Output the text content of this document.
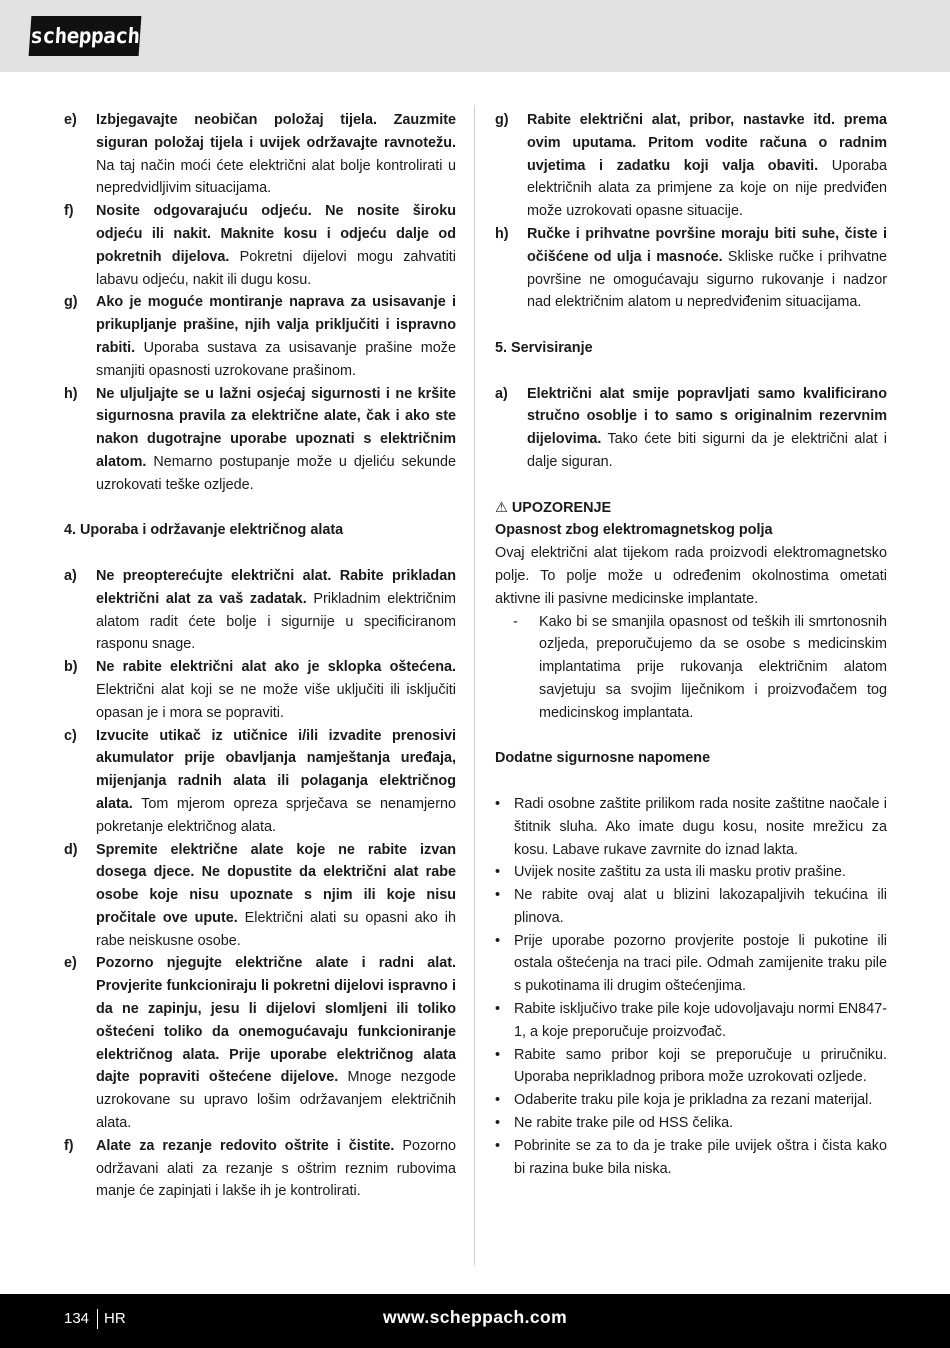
scheppach
e)	Izbjegavajte neobičan položaj tijela. Zauzmite siguran položaj tijela i uvijek održavajte ravnotežu. Na taj način moći ćete električni alat bolje kontrolirati u nepredvidljivim situacijama.
f)	Nosite odgovarajuću odjeću. Ne nosite široku odjeću ili nakit. Maknite kosu i odjeću dalje od pokretnih dijelova. Pokretni dijelovi mogu zahvatiti labavu odjeću, nakit ili dugu kosu.
g)	Ako je moguće montiranje naprava za usisavanje i prikupljanje prašine, njih valja priključiti i ispravno rabiti. Uporaba sustava za usisavanje prašine može smanjiti opasnosti uzrokovane prašinom.
h)	Ne uljuljajte se u lažni osjećaj sigurnosti i ne kršite sigurnosna pravila za električne alate, čak i ako ste nakon dugotrajne uporabe upoznati s električnim alatom. Nemarno postupanje može u djeliću sekunde uzrokovati teške ozljede.
4. Uporaba i održavanje električnog alata
a)	Ne preopterećujte električni alat. Rabite prikladan električni alat za vaš zadatak. Prikladnim električnim alatom radit ćete bolje i sigurnije u specificiranom rasponu snage.
b)	Ne rabite električni alat ako je sklopka oštećena. Električni alat koji se ne može više uključiti ili isključiti opasan je i mora se popraviti.
c)	Izvucite utikač iz utičnice i/ili izvadite prenosivi akumulator prije obavljanja namještanja uređaja, mijenjanja radnih alata ili polaganja električnog alata. Tom mjerom opreza sprječava se nenamjerno pokretanje električnog alata.
d)	Spremite električne alate koje ne rabite izvan dosega djece. Ne dopustite da električni alat rabe osobe koje nisu upoznate s njim ili koje nisu pročitale ove upute. Električni alati su opasni ako ih rabe neiskusne osobe.
e)	Pozorno njegujte električne alate i radni alat. Provjerite funkcioniraju li pokretni dijelovi ispravno i da ne zapinju, jesu li dijelovi slomljeni ili toliko oštećeni toliko da onemogućavaju funkcioniranje električnog alata. Prije uporabe električnog alata dajte popraviti oštećene dijelove. Mnoge nezgode uzrokovane su upravo lošim održavanjem električnih alata.
f)	Alate za rezanje redovito oštrite i čistite. Pozorno održavani alati za rezanje s oštrim reznim rubovima manje će zapinjati i lakše ih je kontrolirati.
g)	Rabite električni alat, pribor, nastavke itd. prema ovim uputama. Pritom vodite računa o radnim uvjetima i zadatku koji valja obaviti. Uporaba električnih alata za primjene za koje on nije predviđen može uzrokovati opasne situacije.
h)	Ručke i prihvatne površine moraju biti suhe, čiste i očišćene od ulja i masnoće. Skliske ručke i prihvatne površine ne omogućavaju sigurno rukovanje i nadzor nad električnim alatom u nepredviđenim situacijama.
5. Servisiranje
a)	Električni alat smije popravljati samo kvalificirano stručno osoblje i to samo s originalnim rezervnim dijelovima. Tako ćete biti sigurni da je električni alat i dalje siguran.
⚠ UPOZORENJE
Opasnost zbog elektromagnetskog polja
Ovaj električni alat tijekom rada proizvodi elektromagnetsko polje. To polje može u određenim okolnostima ometati aktivne ili pasivne medicinske implantate.
-	Kako bi se smanjila opasnost od teških ili smrtonosnih ozljeda, preporučujemo da se osobe s medicinskim implantatima prije rukovanja električnim alatom savjetuju sa svojim liječnikom i proizvođačem tog medicinskog implantata.
Dodatne sigurnosne napomene
• Radi osobne zaštite prilikom rada nosite zaštitne naočale i štitnik sluha. Ako imate dugu kosu, nosite mrežicu za kosu. Labave rukave zavrnite do iznad lakta.
• Uvijek nosite zaštitu za usta ili masku protiv prašine.
• Ne rabite ovaj alat u blizini lakozapaljivih tekućina ili plinova.
• Prije uporabe pozorno provjerite postoje li pukotine ili ostala oštećenja na traci pile. Odmah zamijenite traku pile s pukotinama ili drugim oštećenjima.
• Rabite isključivo trake pile koje udovoljavaju normi EN847-1, a koje preporučuje proizvođač.
• Rabite samo pribor koji se preporučuje u priručniku. Uporaba neprikladnog pribora može uzrokovati ozljede.
• Odaberite traku pile koja je prikladna za rezani materijal.
• Ne rabite trake pile od HSS čelika.
• Pobrinite se za to da je trake pile uvijek oštra i čista kako bi razina buke bila niska.
134 HR	www.scheppach.com
